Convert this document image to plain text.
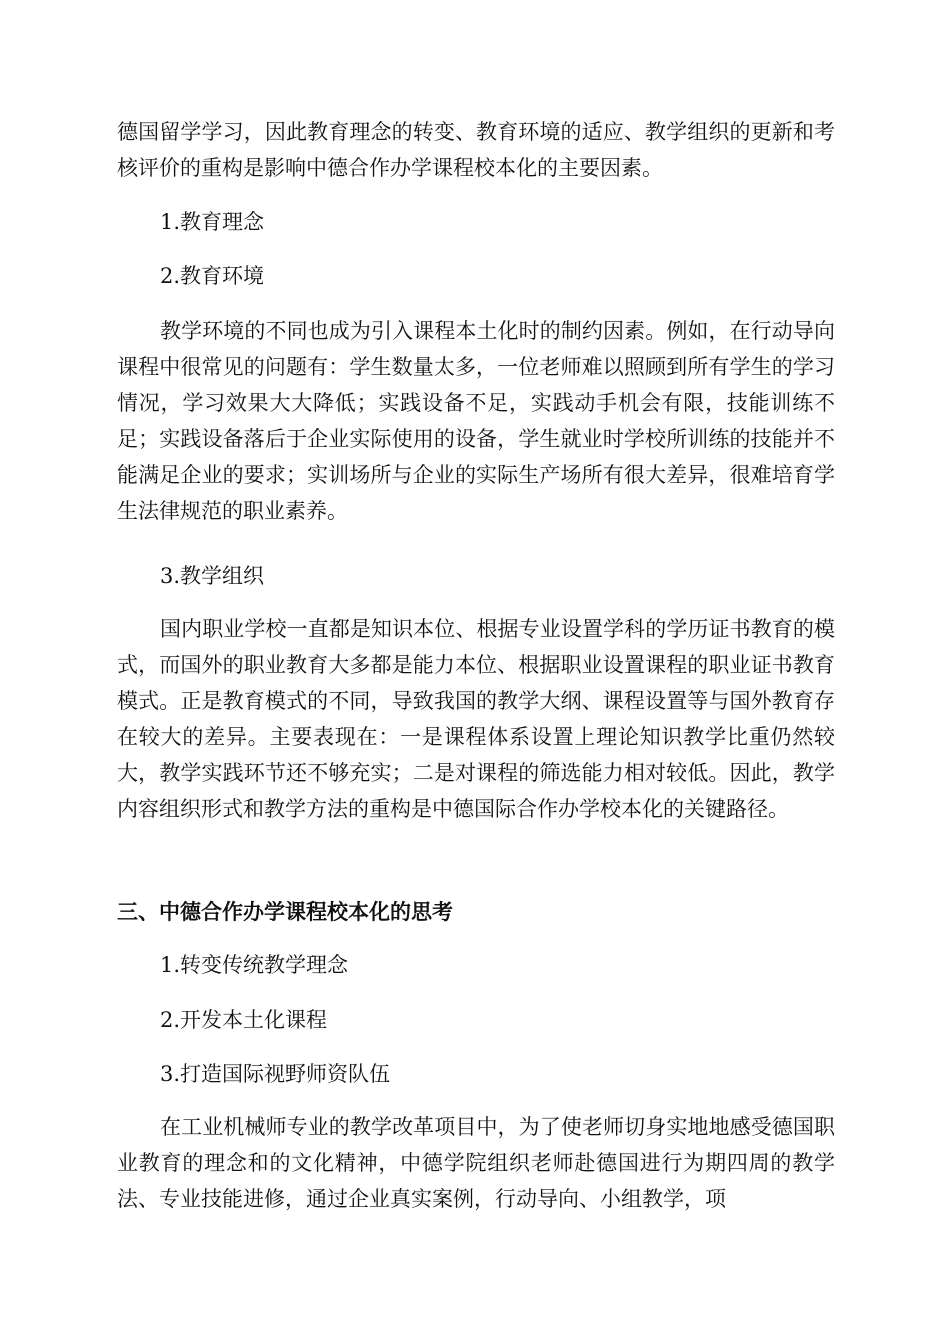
德国留学学习，因此教育理念的转变、教育环境的适应、教学组织的更新和考核评价的重构是影响中德合作办学课程校本化的主要因素。

1.教育理念

2.教育环境

教学环境的不同也成为引入课程本土化时的制约因素。例如，在行动导向课程中很常见的问题有：学生数量太多，一位老师难以照顾到所有学生的学习情况，学习效果大大降低；实践设备不足，实践动手机会有限，技能训练不足；实践设备落后于企业实际使用的设备，学生就业时学校所训练的技能并不能满足企业的要求；实训场所与企业的实际生产场所有很大差异，很难培育学生法律规范的职业素养。

3.教学组织

国内职业学校一直都是知识本位、根据专业设置学科的学历证书教育的模式，而国外的职业教育大多都是能力本位、根据职业设置课程的职业证书教育模式。正是教育模式的不同，导致我国的教学大纲、课程设置等与国外教育存在较大的差异。主要表现在：一是课程体系设置上理论知识教学比重仍然较大，教学实践环节还不够充实；二是对课程的筛选能力相对较低。因此，教学内容组织形式和教学方法的重构是中德国际合作办学校本化的关键路径。

三、中德合作办学课程校本化的思考

1.转变传统教学理念

2.开发本土化课程

3.打造国际视野师资队伍

在工业机械师专业的教学改革项目中，为了使老师切身实地地感受德国职业教育的理念和的文化精神，中德学院组织老师赴德国进行为期四周的教学法、专业技能进修，通过企业真实案例，行动导向、小组教学，项
